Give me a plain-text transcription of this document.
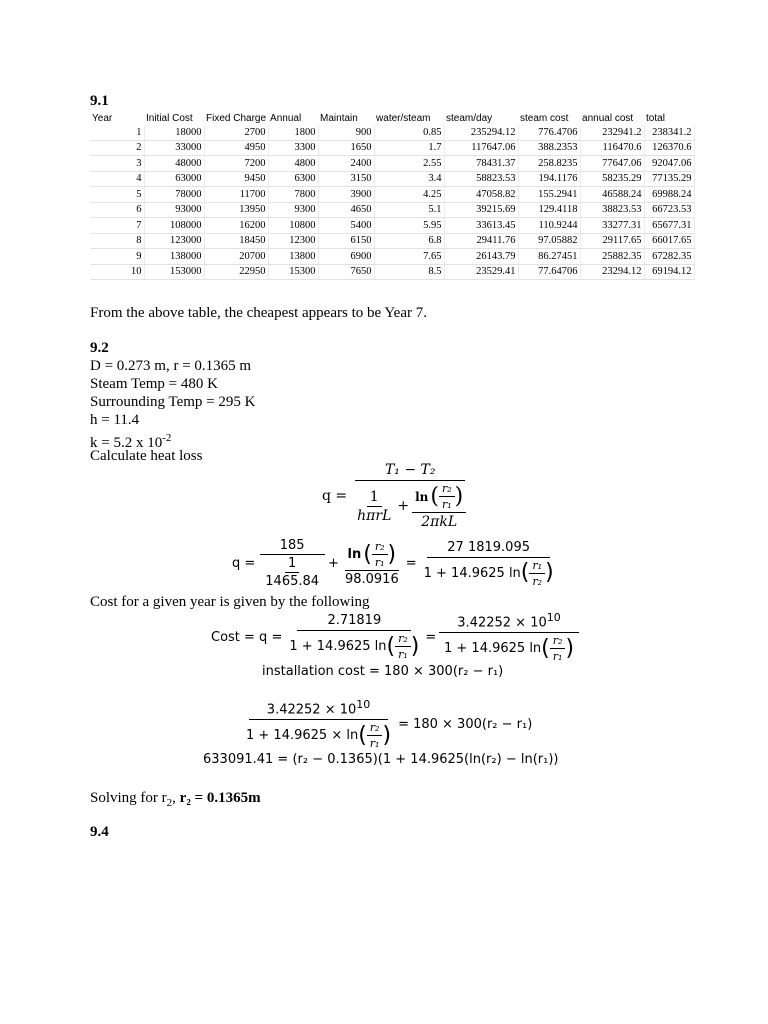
9.1
Year	Initial Cost	Fixed Charge	Annual	Maintain	water/steam	steam/day	steam cost	annual cost	total
1	18000	2700	1800	900	0.85	235294.12	776.4706	232941.2	238341.2
2	33000	4950	3300	1650	1.7	117647.06	388.2353	116470.6	126370.6
3	48000	7200	4800	2400	2.55	78431.37	258.8235	77647.06	92047.06
4	63000	9450	6300	3150	3.4	58823.53	194.1176	58235.29	77135.29
5	78000	11700	7800	3900	4.25	47058.82	155.2941	46588.24	69988.24
6	93000	13950	9300	4650	5.1	39215.69	129.4118	38823.53	66723.53
7	108000	16200	10800	5400	5.95	33613.45	110.9244	33277.31	65677.31
8	123000	18450	12300	6150	6.8	29411.76	97.05882	29117.65	66017.65
9	138000	20700	13800	6900	7.65	26143.79	86.27451	25882.35	67282.35
10	153000	22950	15300	7650	8.5	23529.41	77.64706	23294.12	69194.12
From the above table, the cheapest appears to be Year 7.
9.2
D = 0.273 m, r = 0.1365 m
Steam Temp = 480 K
Surrounding Temp = 295 K
h = 11.4
k = 5.2 x $10^{-2}$
Calculate heat loss
q =
T₁ − T₂
$\frac{1}{\text{hπrL}}$ +
ln ( $\frac{\text{r₂}}{\text{r₁}}$ )
2πkL
$q = \frac{185}{\frac{1}{1465.84}} + \frac{\ln ( \frac{\text{r₂}}{\text{r₁}} )}{98.0916}$ =
27 1819.095
1 + 14.9625 ln ( $\frac{\text{r₁}}{\text{r₂}}$ )
Cost for a given year is given by the following
Cost = q =
2.71819
1 + 14.9625 ln ( $\frac{\text{r₂}}{\text{r₁}}$ ) =
$3.42252 \times 10^{10}$
1 + 14.9625 ln ( $\frac{\text{r₂}}{\text{r₁}}$ )
installation cost = 180 × 300(r₂ − r₁)
$3.42252 \times 10^{10}$
1 + 14.9625 × ln ( $\frac{\text{r₂}}{\text{r₁}}$ ) = 180 × 300(r₂ − r₁)
633091.41 = (r₂ − 0.1365)(1 + 14.9625(ln(r₂) − ln(r₁))
Solving for $r_2$, r₂ = 0.1365m
9.4
